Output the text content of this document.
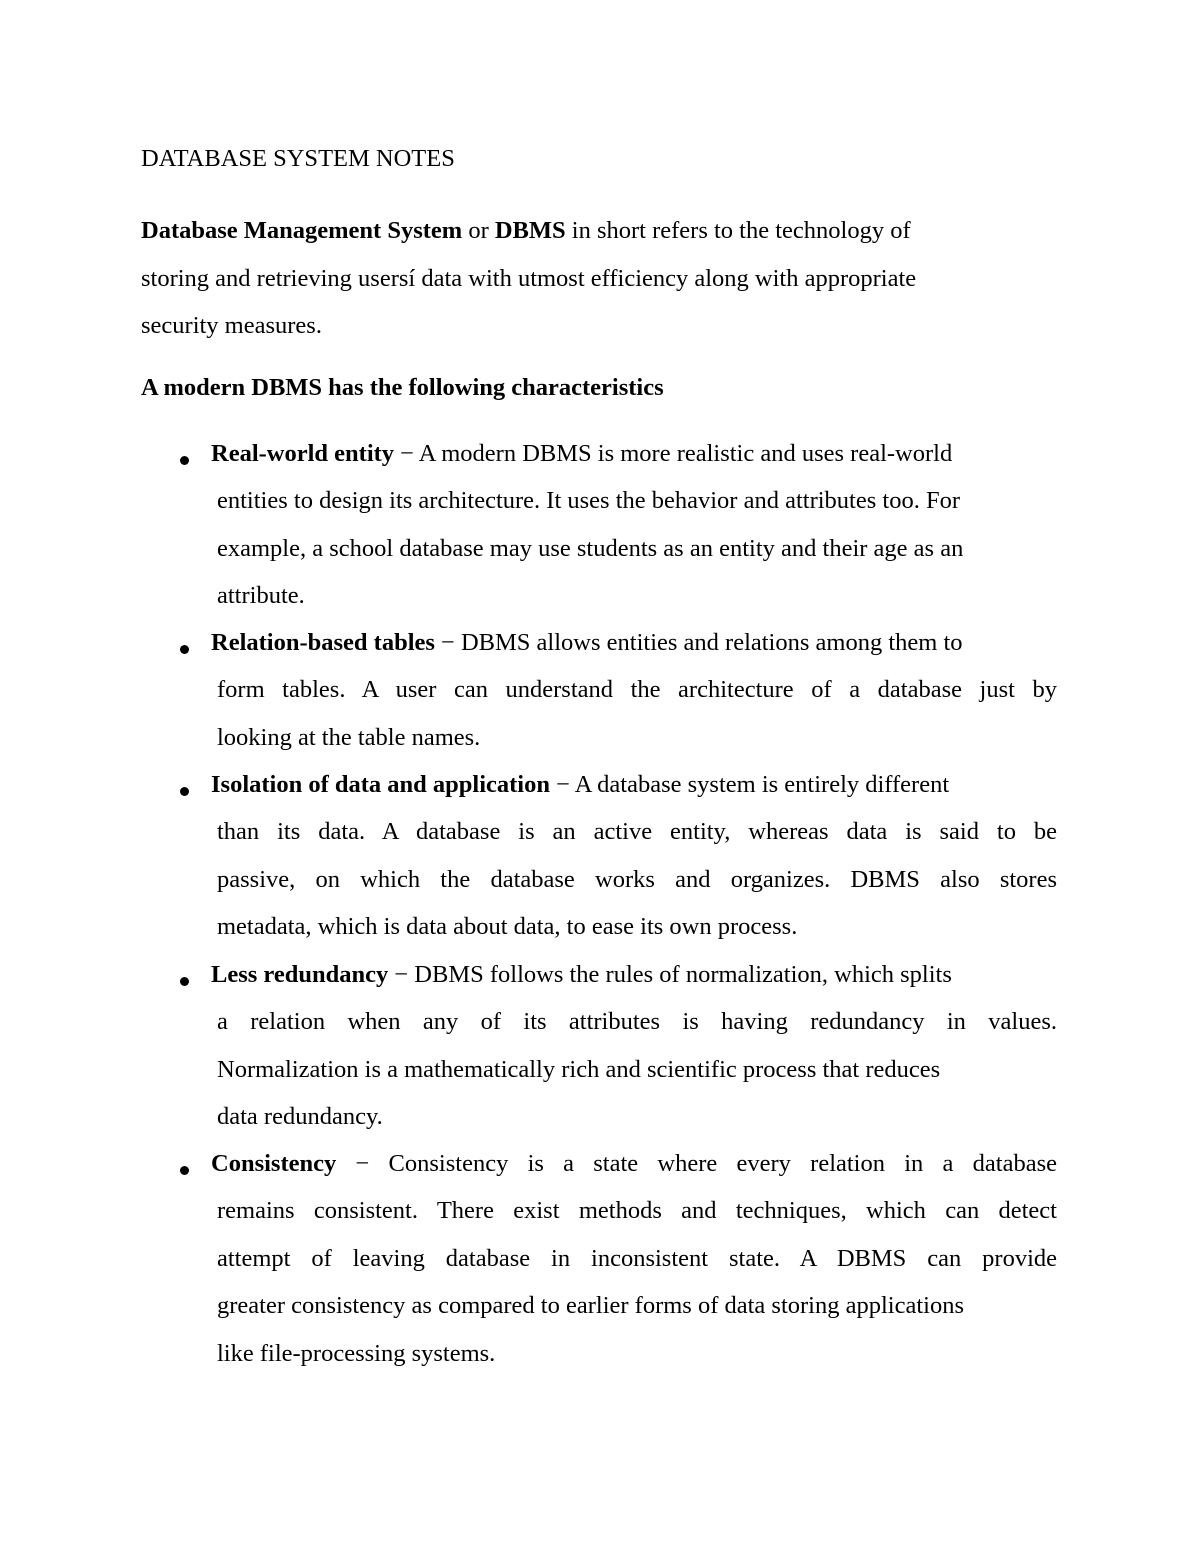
DATABASE SYSTEM NOTES

Database Management System or DBMS in short refers to the technology of
storing and retrieving usersí data with utmost efficiency along with appropriate
security measures.

A modern DBMS has the following characteristics
Real-world entity − A modern DBMS is more realistic and uses real-world
entities to design its architecture. It uses the behavior and attributes too. For
example, a school database may use students as an entity and their age as an
attribute.
Relation-based tables − DBMS allows entities and relations among them to
form tables. A user can understand the architecture of a database just by
looking at the table names.
Isolation of data and application − A database system is entirely different
than its data. A database is an active entity, whereas data is said to be
passive, on which the database works and organizes. DBMS also stores
metadata, which is data about data, to ease its own process.
Less redundancy − DBMS follows the rules of normalization, which splits
a relation when any of its attributes is having redundancy in values.
Normalization is a mathematically rich and scientific process that reduces
data redundancy.
Consistency − Consistency is a state where every relation in a database
remains consistent. There exist methods and techniques, which can detect
attempt of leaving database in inconsistent state. A DBMS can provide
greater consistency as compared to earlier forms of data storing applications
like file-processing systems.
